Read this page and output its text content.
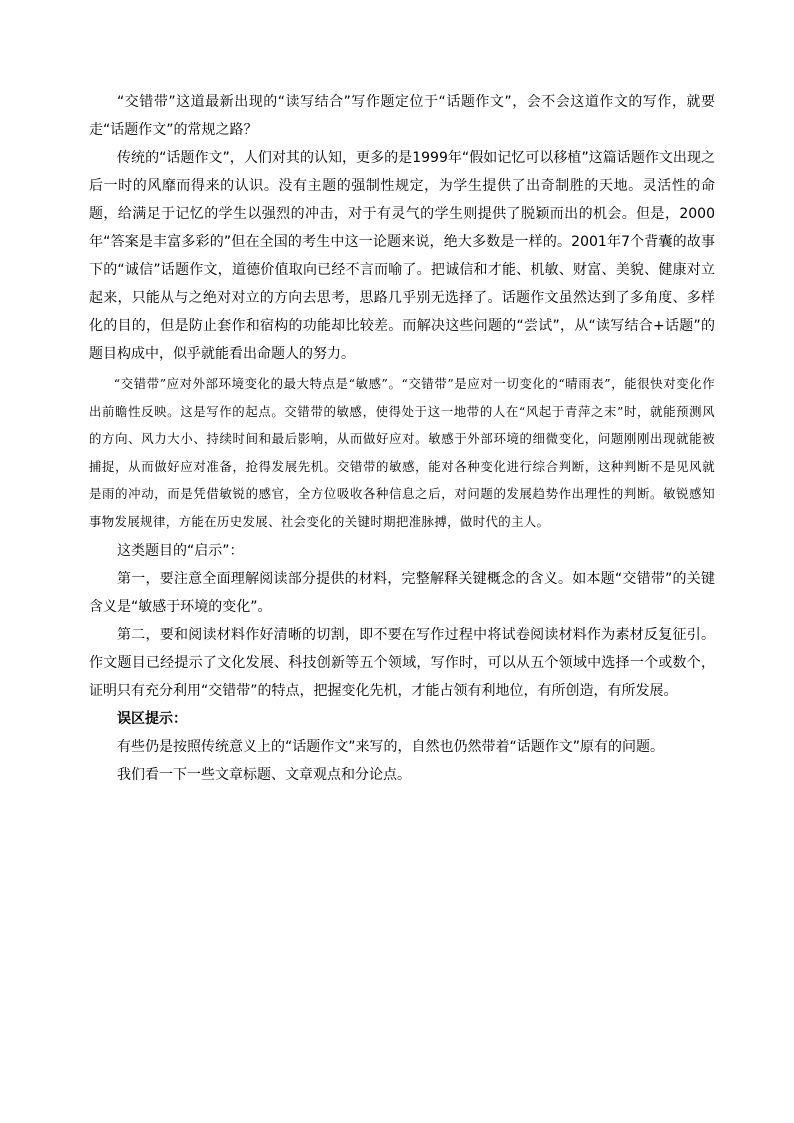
“交错带”这道最新出现的“读写结合”写作题定位于“话题作文”，会不会这道作文的写作，就要走“话题作文”的常规之路？

传统的“话题作文”，人们对其的认知，更多的是1999年“假如记忆可以移植”这篇话题作文出现之后一时的风靡而得来的认识。没有主题的强制性规定，为学生提供了出奇制胜的天地。灵活性的命题，给满足于记忆的学生以强烈的冲击，对于有灵气的学生则提供了脱颖而出的机会。但是，2000年“答案是丰富多彩的”但在全国的考生中这一论题来说，绝大多数是一样的。2001年7个背囊的故事下的“诚信”话题作文，道德价值取向已经不言而喻了。把诚信和才能、机敏、财富、美貌、健康对立起来，只能从与之绝对对立的方向去思考，思路几乎别无选择了。话题作文虽然达到了多角度、多样化的目的，但是防止套作和宿构的功能却比较差。而解决这些问题的“尝试”，从“读写结合+话题”的题目构成中，似乎就能看出命题人的努力。

“交错带”应对外部环境变化的最大特点是“敏感”。“交错带”是应对一切变化的“晴雨表”，能很快对变化作出前瞻性反映。这是写作的起点。交错带的敏感，使得处于这一地带的人在“风起于青萍之末”时，就能预测风的方向、风力大小、持续时间和最后影响，从而做好应对。敏感于外部环境的细微变化，问题刚刚出现就能被捕捉，从而做好应对准备，抢得发展先机。交错带的敏感，能对各种变化进行综合判断，这种判断不是见风就是雨的冲动，而是凭借敏锐的感官，全方位吸收各种信息之后，对问题的发展趋势作出理性的判断。敏锐感知事物发展规律，方能在历史发展、社会变化的关键时期把准脉搏，做时代的主人。

这类题目的“启示”：

第一，要注意全面理解阅读部分提供的材料，完整解释关键概念的含义。如本题“交错带”的关键含义是“敏感于环境的变化”。

第二，要和阅读材料作好清晰的切割，即不要在写作过程中将试卷阅读材料作为素材反复征引。作文题目已经提示了文化发展、科技创新等五个领域，写作时，可以从五个领域中选择一个或数个，证明只有充分利用“交错带”的特点，把握变化先机，才能占领有利地位，有所创造，有所发展。

误区提示：

有些仍是按照传统意义上的“话题作文”来写的，自然也仍然带着“话题作文”原有的问题。

我们看一下一些文章标题、文章观点和分论点。
